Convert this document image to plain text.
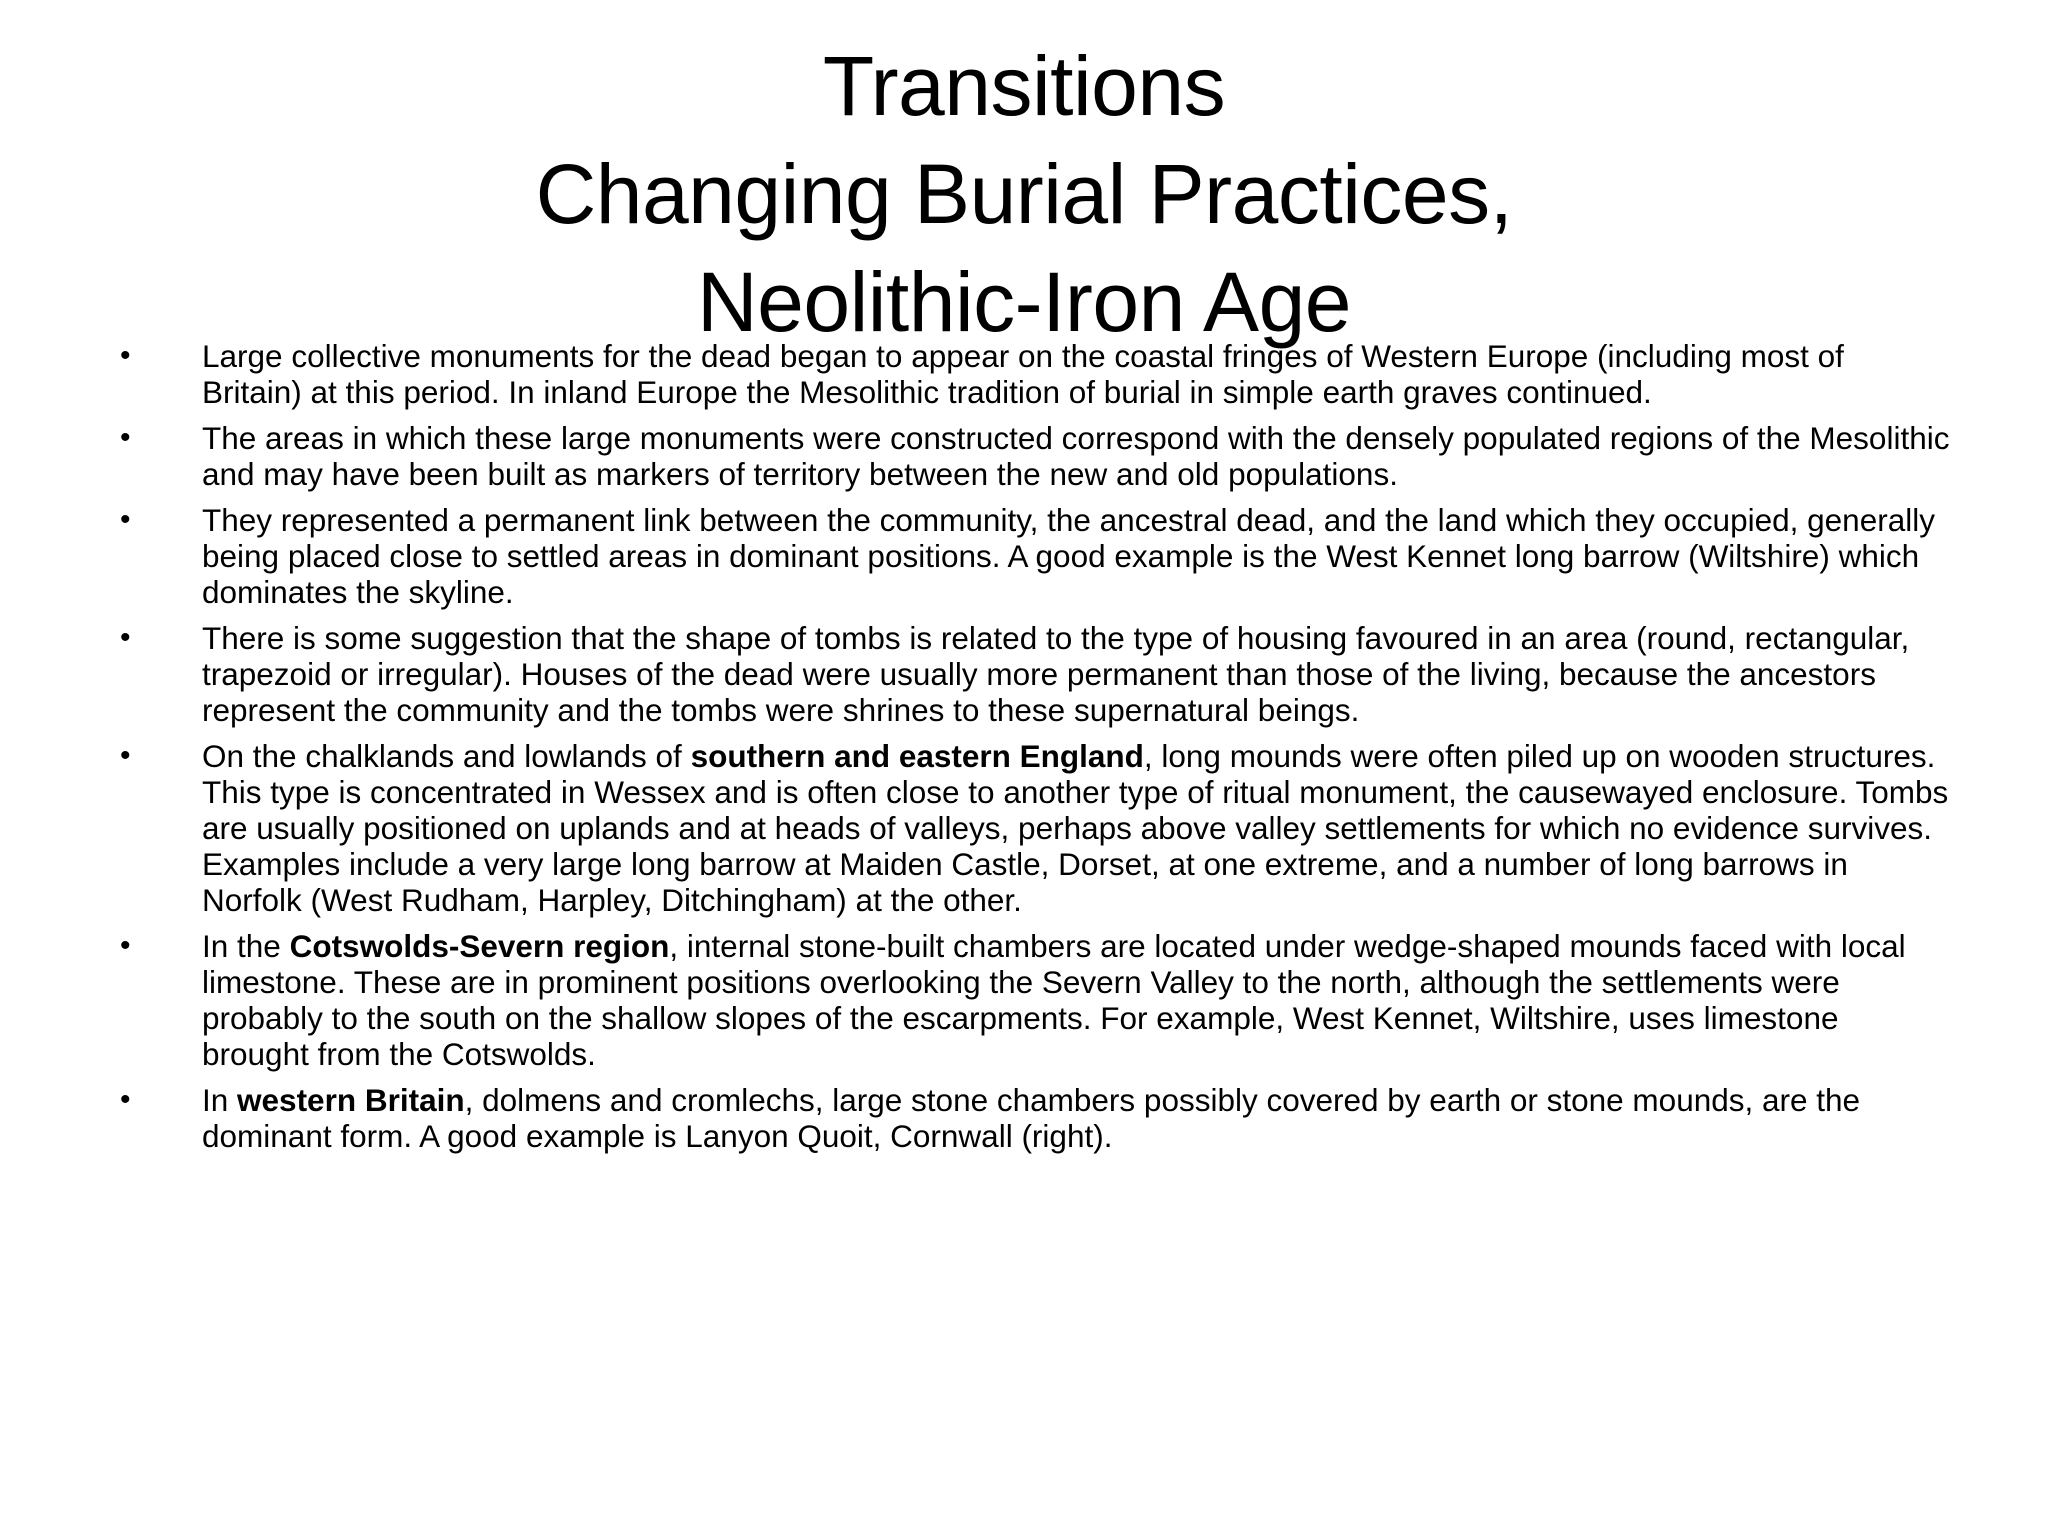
Transitions
Changing Burial Practices,
Neolithic-Iron Age
•	Large collective monuments for the dead began to appear on the coastal fringes of Western Europe (including most of Britain) at this period. In inland Europe the Mesolithic tradition of burial in simple earth graves continued.
•	The areas in which these large monuments were constructed correspond with the densely populated regions of the Mesolithic and may have been built as markers of territory between the new and old populations.
•	They represented a permanent link between the community, the ancestral dead, and the land which they occupied, generally being placed close to settled areas in dominant positions. A good example is the West Kennet long barrow (Wiltshire) which dominates the skyline.
•	There is some suggestion that the shape of tombs is related to the type of housing favoured in an area (round, rectangular, trapezoid or irregular). Houses of the dead were usually more permanent than those of the living, because the ancestors represent the community and the tombs were shrines to these supernatural beings.
•	On the chalklands and lowlands of southern and eastern England, long mounds were often piled up on wooden structures. This type is concentrated in Wessex and is often close to another type of ritual monument, the causewayed enclosure. Tombs are usually positioned on uplands and at heads of valleys, perhaps above valley settlements for which no evidence survives. Examples include a very large long barrow at Maiden Castle, Dorset, at one extreme, and a number of long barrows in Norfolk (West Rudham, Harpley, Ditchingham) at the other.
•	In the Cotswolds-Severn region, internal stone-built chambers are located under wedge-shaped mounds faced with local limestone. These are in prominent positions overlooking the Severn Valley to the north, although the settlements were probably to the south on the shallow slopes of the escarpments. For example, West Kennet, Wiltshire, uses limestone brought from the Cotswolds.
•	In western Britain, dolmens and cromlechs, large stone chambers possibly covered by earth or stone mounds, are the dominant form. A good example is Lanyon Quoit, Cornwall (right).
